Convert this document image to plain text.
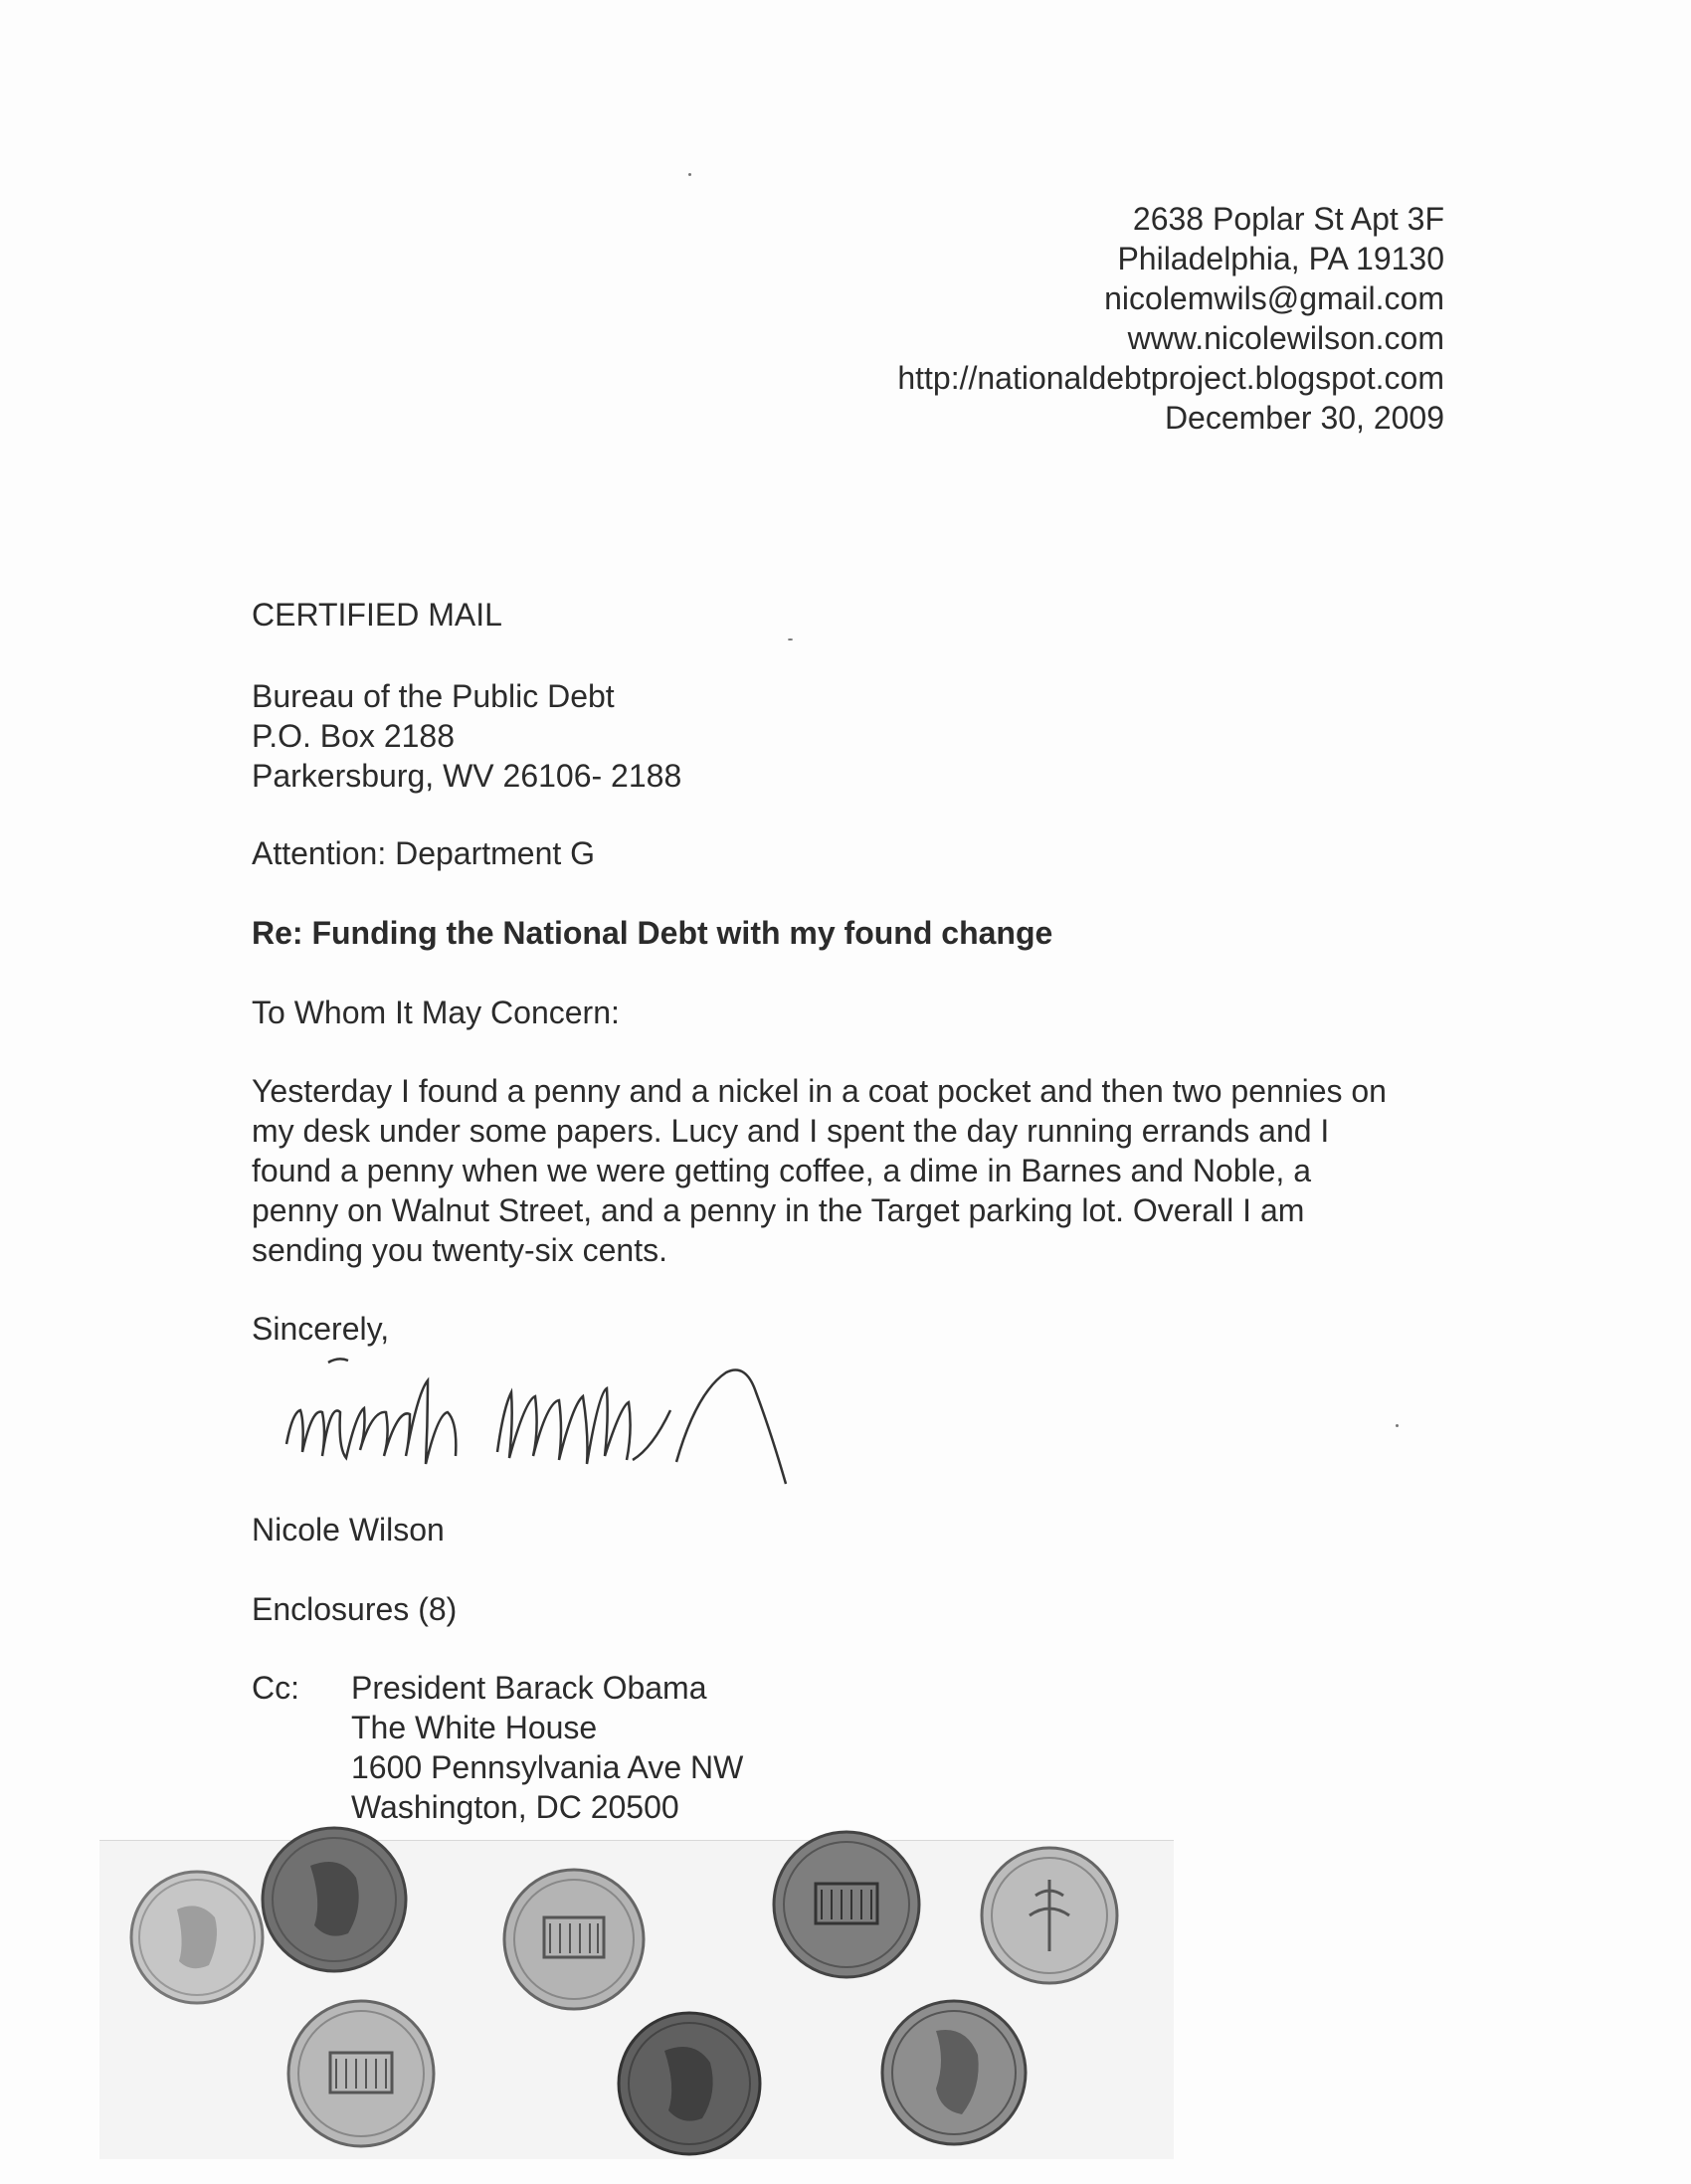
2638 Poplar St Apt 3F
Philadelphia, PA 19130
nicolemwils@gmail.com
www.nicolewilson.com
http://nationaldebtproject.blogspot.com
December 30, 2009
CERTIFIED MAIL
Bureau of the Public Debt
P.O. Box 2188
Parkersburg, WV 26106- 2188
Attention: Department G
Re: Funding the National Debt with my found change
To Whom It May Concern:
Yesterday I found a penny and a nickel in a coat pocket and then two pennies on
my desk under some papers. Lucy and I spent the day running errands and I
found a penny when we were getting coffee, a dime in Barnes and Noble, a
penny on Walnut Street, and a penny in the Target parking lot. Overall I am
sending you twenty-six cents.
Sincerely,
Nicole Wilson
Enclosures (8)
Cc: President Barack Obama
The White House
1600 Pennsylvania Ave NW
Washington, DC 20500
